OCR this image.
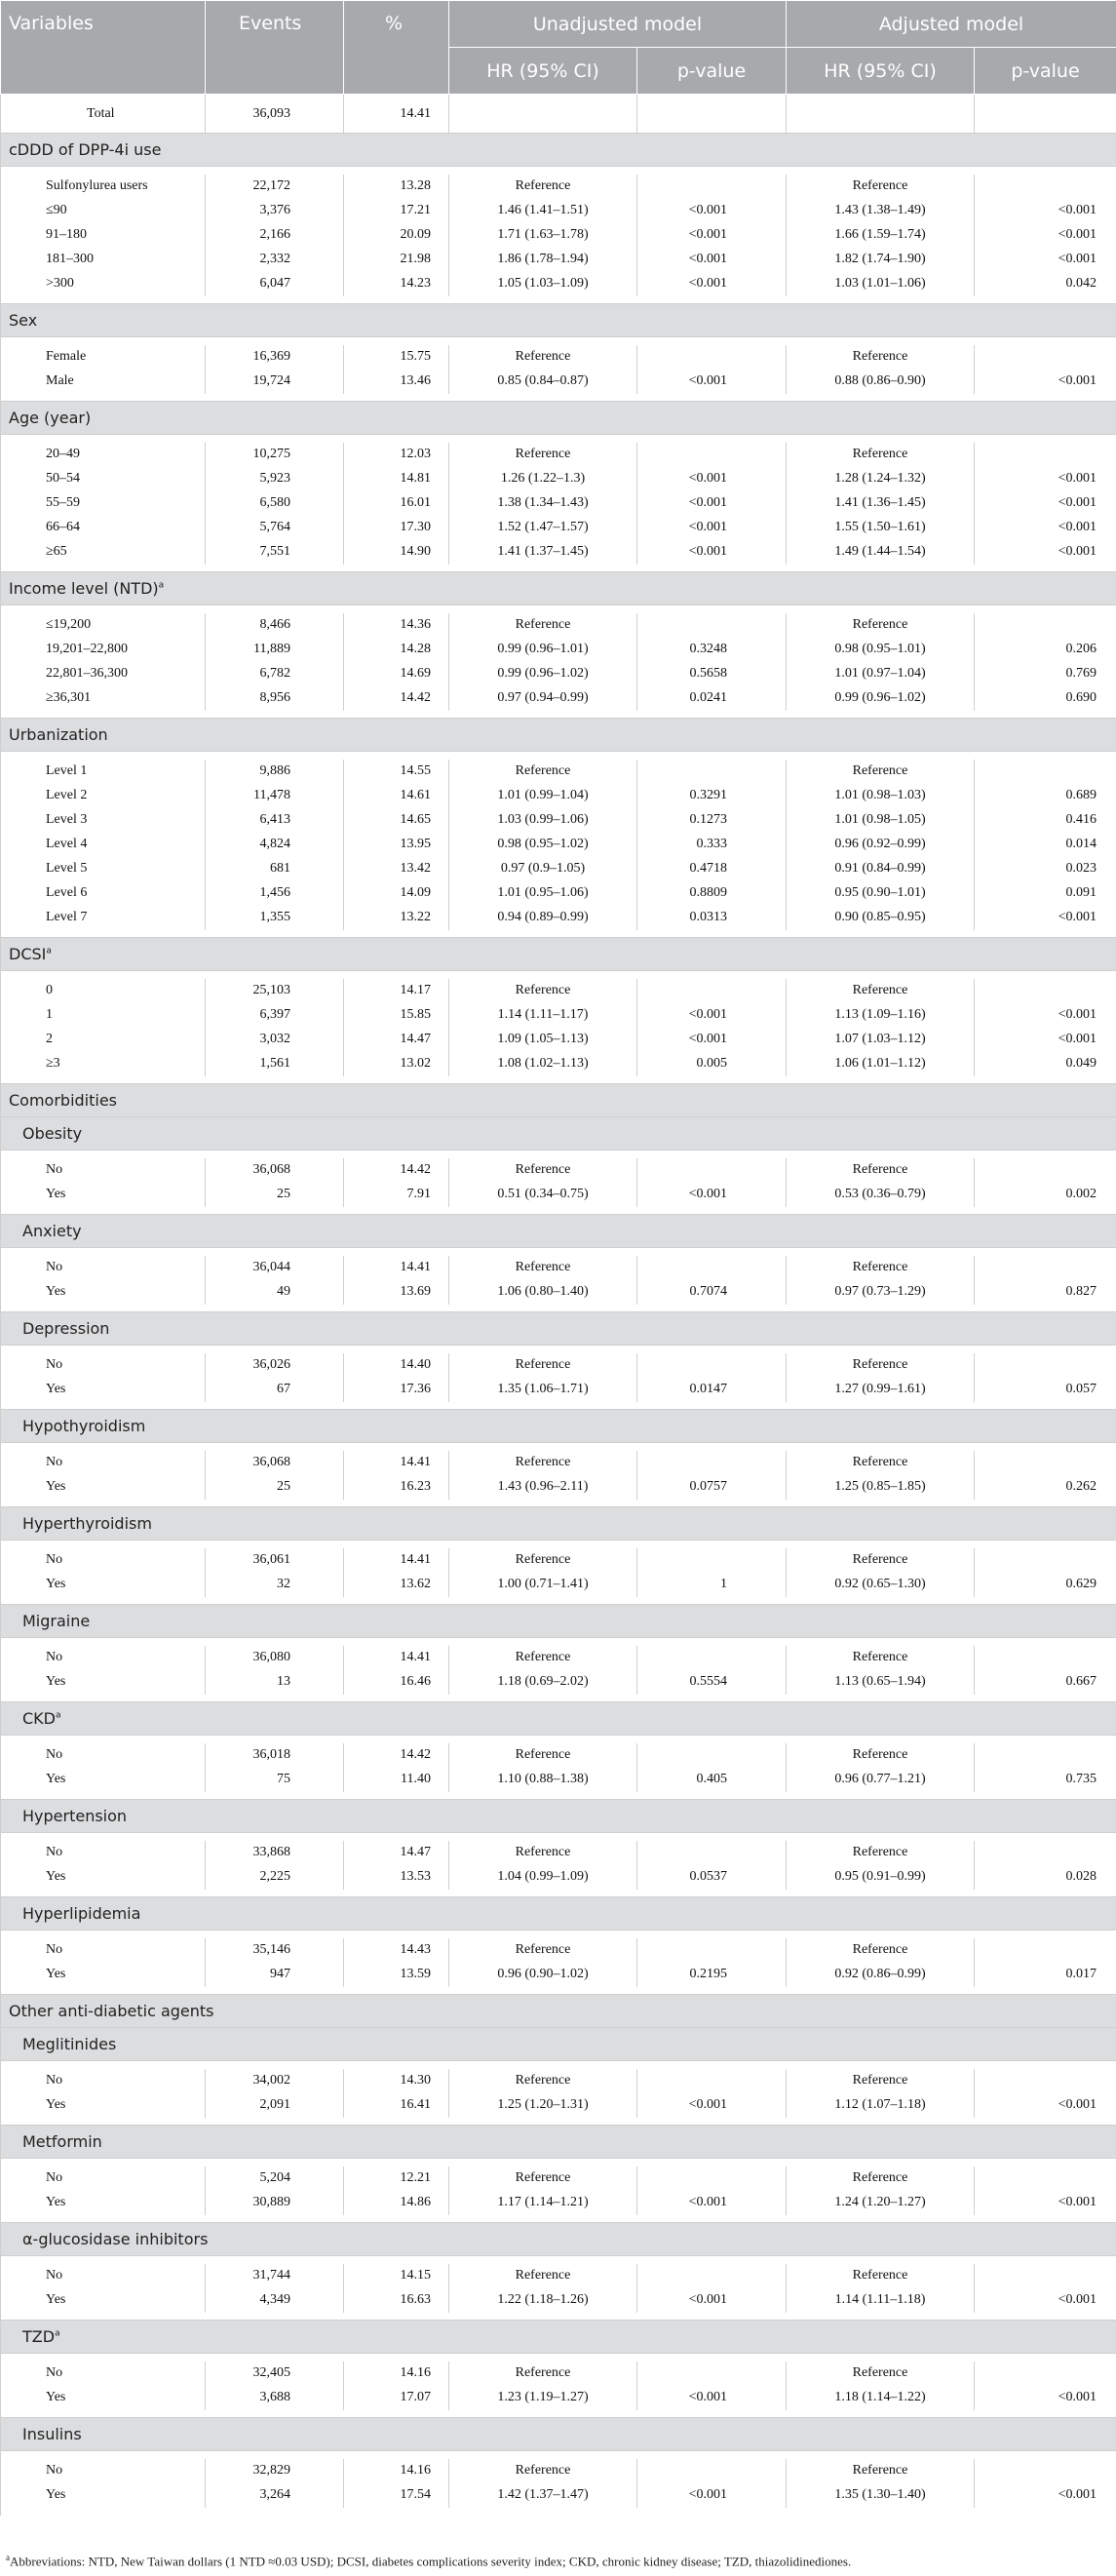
Variables	Events	%	Unadjusted model		Adjusted model	
			HR (95% CI)	p-value	HR (95% CI)	p-value
Total	36,093	14.41				
cDDD of DPP-4i use						

Sulfonylurea users	22,172	13.28	Reference		Reference	
≤90	3,376	17.21	1.46 (1.41–1.51)	<0.001	1.43 (1.38–1.49)	<0.001
91–180	2,166	20.09	1.71 (1.63–1.78)	<0.001	1.66 (1.59–1.74)	<0.001
181–300	2,332	21.98	1.86 (1.78–1.94)	<0.001	1.82 (1.74–1.90)	<0.001
>300	6,047	14.23	1.05 (1.03–1.09)	<0.001	1.03 (1.01–1.06)	0.042

Sex						

Female	16,369	15.75	Reference		Reference	
Male	19,724	13.46	0.85 (0.84–0.87)	<0.001	0.88 (0.86–0.90)	<0.001

Age (year)						

20–49	10,275	12.03	Reference		Reference	
50–54	5,923	14.81	1.26 (1.22–1.3)	<0.001	1.28 (1.24–1.32)	<0.001
55–59	6,580	16.01	1.38 (1.34–1.43)	<0.001	1.41 (1.36–1.45)	<0.001
66–64	5,764	17.30	1.52 (1.47–1.57)	<0.001	1.55 (1.50–1.61)	<0.001
≥65	7,551	14.90	1.41 (1.37–1.45)	<0.001	1.49 (1.44–1.54)	<0.001

Income level (NTD)$^a$

≤19,200	8,466	14.36	Reference		Reference	
19,201–22,800	11,889	14.28	0.99 (0.96–1.01)	0.3248	0.98 (0.95–1.01)	0.206
22,801–36,300	6,782	14.69	0.99 (0.96–1.02)	0.5658	1.01 (0.97–1.04)	0.769
≥36,301	8,956	14.42	0.97 (0.94–0.99)	0.0241	0.99 (0.96–1.02)	0.690

Urbanization						

Level 1	9,886	14.55	Reference		Reference	
Level 2	11,478	14.61	1.01 (0.99–1.04)	0.3291	1.01 (0.98–1.03)	0.689
Level 3	6,413	14.65	1.03 (0.99–1.06)	0.1273	1.01 (0.98–1.05)	0.416
Level 4	4,824	13.95	0.98 (0.95–1.02)	0.333	0.96 (0.92–0.99)	0.014
Level 5	681	13.42	0.97 (0.9–1.05)	0.4718	0.91 (0.84–0.99)	0.023
Level 6	1,456	14.09	1.01 (0.95–1.06)	0.8809	0.95 (0.90–1.01)	0.091
Level 7	1,355	13.22	0.94 (0.89–0.99)	0.0313	0.90 (0.85–0.95)	<0.001

DCSI$^a$

0	25,103	14.17	Reference		Reference	
1	6,397	15.85	1.14 (1.11–1.17)	<0.001	1.13 (1.09–1.16)	<0.001
2	3,032	14.47	1.09 (1.05–1.13)	<0.001	1.07 (1.03–1.12)	<0.001
≥3	1,561	13.02	1.08 (1.02–1.13)	0.005	1.06 (1.01–1.12)	0.049

Comorbidities						
Obesity						

No	36,068	14.42	Reference		Reference	
Yes	25	7.91	0.51 (0.34–0.75)	<0.001	0.53 (0.36–0.79)	0.002

Anxiety						

No	36,044	14.41	Reference		Reference	
Yes	49	13.69	1.06 (0.80–1.40)	0.7074	0.97 (0.73–1.29)	0.827

Depression						

No	36,026	14.40	Reference		Reference	
Yes	67	17.36	1.35 (1.06–1.71)	0.0147	1.27 (0.99–1.61)	0.057

Hypothyroidism						

No	36,068	14.41	Reference		Reference	
Yes	25	16.23	1.43 (0.96–2.11)	0.0757	1.25 (0.85–1.85)	0.262

Hyperthyroidism						

No	36,061	14.41	Reference		Reference	
Yes	32	13.62	1.00 (0.71–1.41)	1	0.92 (0.65–1.30)	0.629

Migraine						

No	36,080	14.41	Reference		Reference	
Yes	13	16.46	1.18 (0.69–2.02)	0.5554	1.13 (0.65–1.94)	0.667

CKD$^a$

No	36,018	14.42	Reference		Reference	
Yes	75	11.40	1.10 (0.88–1.38)	0.405	0.96 (0.77–1.21)	0.735

Hypertension						

No	33,868	14.47	Reference		Reference	
Yes	2,225	13.53	1.04 (0.99–1.09)	0.0537	0.95 (0.91–0.99)	0.028

Hyperlipidemia						

No	35,146	14.43	Reference		Reference	
Yes	947	13.59	0.96 (0.90–1.02)	0.2195	0.92 (0.86–0.99)	0.017

Other anti-diabetic agents						
Meglitinides						

No	34,002	14.30	Reference		Reference	
Yes	2,091	16.41	1.25 (1.20–1.31)	<0.001	1.12 (1.07–1.18)	<0.001

Metformin						

No	5,204	12.21	Reference		Reference	
Yes	30,889	14.86	1.17 (1.14–1.21)	<0.001	1.24 (1.20–1.27)	<0.001

α-glucosidase inhibitors						

No	31,744	14.15	Reference		Reference	
Yes	4,349	16.63	1.22 (1.18–1.26)	<0.001	1.14 (1.11–1.18)	<0.001

TZD$^a$

No	32,405	14.16	Reference		Reference	
Yes	3,688	17.07	1.23 (1.19–1.27)	<0.001	1.18 (1.14–1.22)	<0.001

Insulins						

No	32,829	14.16	Reference		Reference	
Yes	3,264	17.54	1.42 (1.37–1.47)	<0.001	1.35 (1.30–1.40)	<0.001

$^a$Abbreviations: NTD, New Taiwan dollars (1 NTD ≈0.03 USD); DCSI, diabetes complications severity index; CKD, chronic kidney disease; TZD, thiazolidinediones.
